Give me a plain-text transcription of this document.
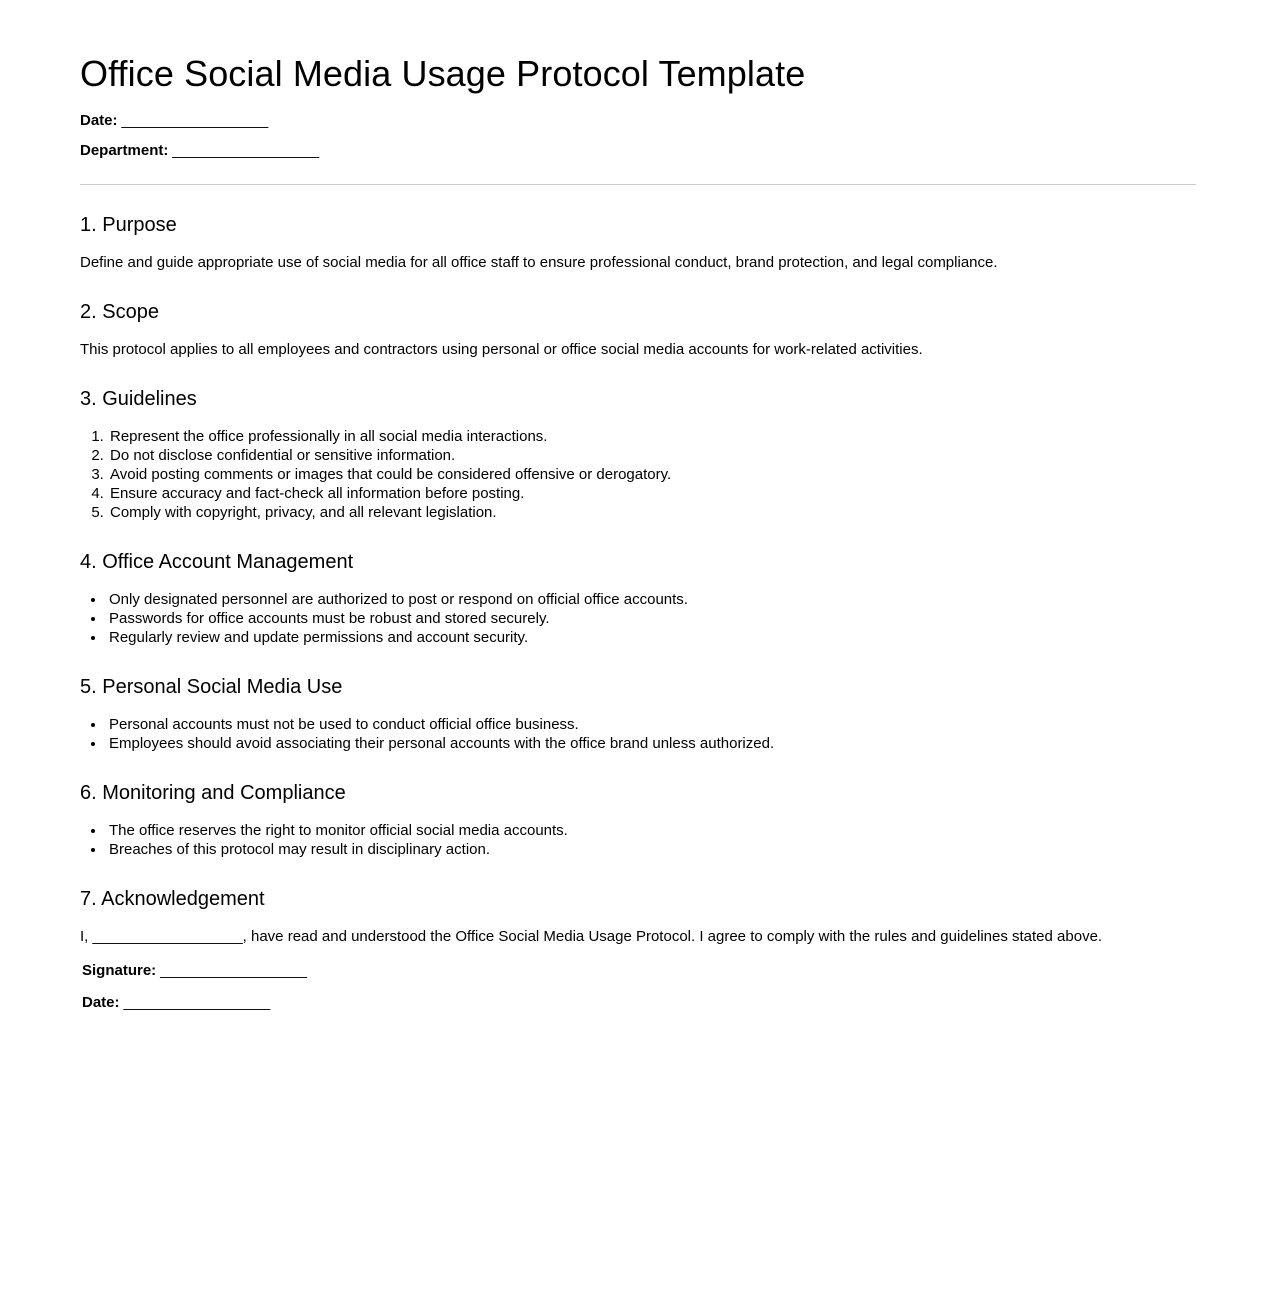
Office Social Media Usage Protocol Template
Date: __________________
Department: __________________
1. Purpose

Define and guide appropriate use of social media for all office staff to ensure professional conduct, brand protection, and legal compliance.

2. Scope

This protocol applies to all employees and contractors using personal or office social media accounts for work-related activities.

3. Guidelines
1. Represent the office professionally in all social media interactions.
2. Do not disclose confidential or sensitive information.
3. Avoid posting comments or images that could be considered offensive or derogatory.
4. Ensure accuracy and fact-check all information before posting.
5. Comply with copyright, privacy, and all relevant legislation.
4. Office Account Management
• Only designated personnel are authorized to post or respond on official office accounts.
• Passwords for office accounts must be robust and stored securely.
• Regularly review and update permissions and account security.
5. Personal Social Media Use
• Personal accounts must not be used to conduct official office business.
• Employees should avoid associating their personal accounts with the office brand unless authorized.
6. Monitoring and Compliance
• The office reserves the right to monitor official social media accounts.
• Breaches of this protocol may result in disciplinary action.
7. Acknowledgement

I, __________________, have read and understood the Office Social Media Usage Protocol. I agree to comply with the rules and guidelines stated above.

Signature: __________________
Date: __________________
